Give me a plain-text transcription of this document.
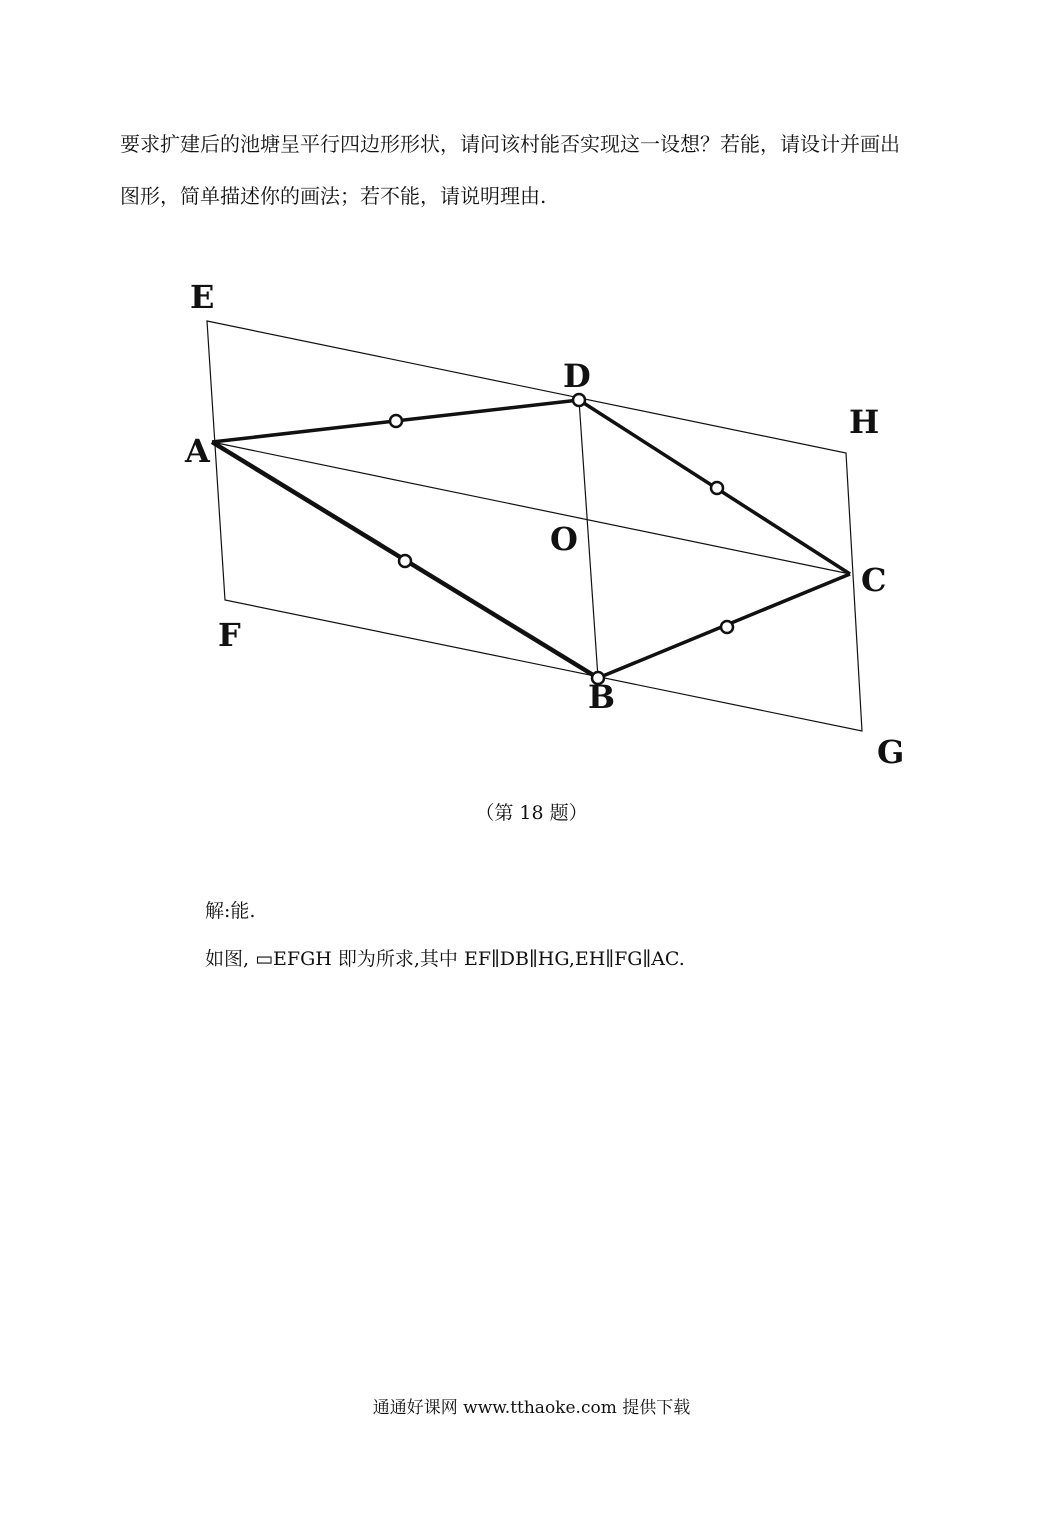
要求扩建后的池塘呈平行四边形形状，请问该村能否实现这一设想？若能，请设计并画出

图形，简单描述你的画法；若不能，请说明理由.

E
D
H
A
O
C
F
B
G
（第 18 题）

解:能.

如图, ▭EFGH 即为所求,其中 EF∥DB∥HG,EH∥FG∥AC.

通通好课网 www.tthaoke.com 提供下载
